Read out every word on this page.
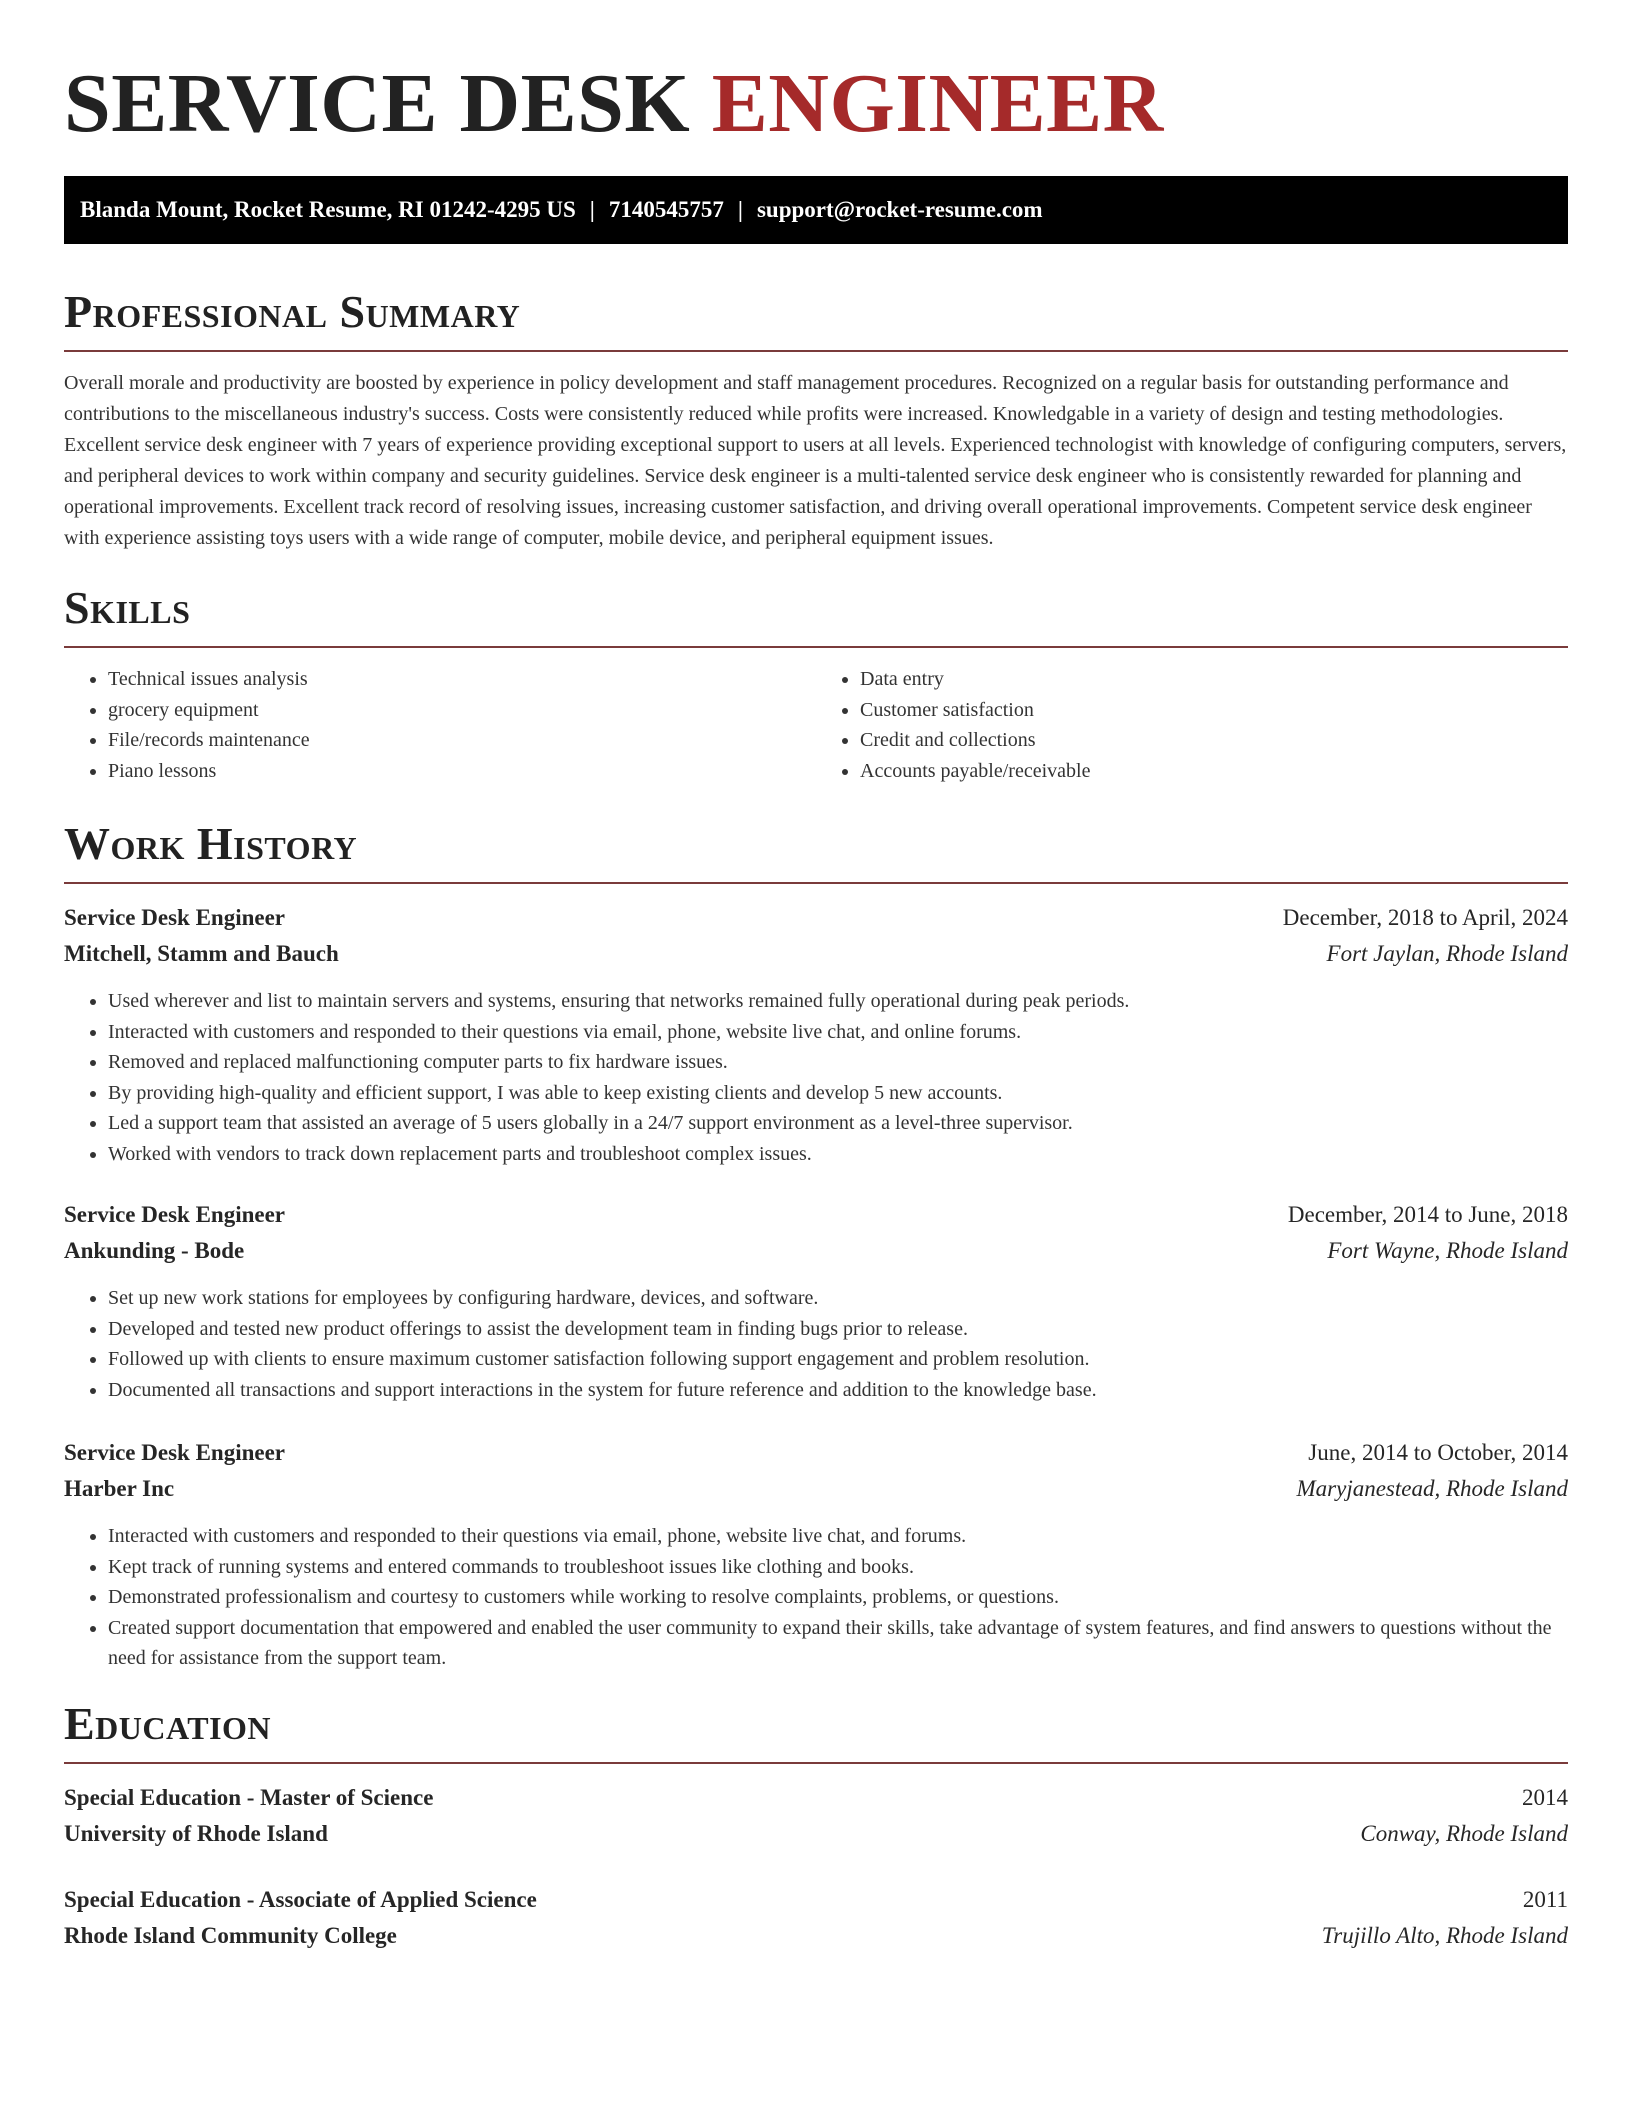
SERVICE DESK ENGINEER
Blanda Mount, Rocket Resume, RI 01242-4295 US | 7140545757 | support@rocket-resume.com
Professional Summary

Overall morale and productivity are boosted by experience in policy development and staff management procedures. Recognized on a regular basis for outstanding performance and contributions to the miscellaneous industry's success. Costs were consistently reduced while profits were increased. Knowledgable in a variety of design and testing methodologies. Excellent service desk engineer with 7 years of experience providing exceptional support to users at all levels. Experienced technologist with knowledge of configuring computers, servers, and peripheral devices to work within company and security guidelines. Service desk engineer is a multi-talented service desk engineer who is consistently rewarded for planning and operational improvements. Excellent track record of resolving issues, increasing customer satisfaction, and driving overall operational improvements. Competent service desk engineer with experience assisting toys users with a wide range of computer, mobile device, and peripheral equipment issues.

Skills
• Technical issues analysis
• grocery equipment
• File/records maintenance
• Piano lessons
• Data entry
• Customer satisfaction
• Credit and collections
• Accounts payable/receivable
Work History
Service Desk Engineer	December, 2018 to April, 2024
Mitchell, Stamm and Bauch	Fort Jaylan, Rhode Island
• Used wherever and list to maintain servers and systems, ensuring that networks remained fully operational during peak periods.
• Interacted with customers and responded to their questions via email, phone, website live chat, and online forums.
• Removed and replaced malfunctioning computer parts to fix hardware issues.
• By providing high-quality and efficient support, I was able to keep existing clients and develop 5 new accounts.
• Led a support team that assisted an average of 5 users globally in a 24/7 support environment as a level-three supervisor.
• Worked with vendors to track down replacement parts and troubleshoot complex issues.
Service Desk Engineer	December, 2014 to June, 2018
Ankunding - Bode	Fort Wayne, Rhode Island
• Set up new work stations for employees by configuring hardware, devices, and software.
• Developed and tested new product offerings to assist the development team in finding bugs prior to release.
• Followed up with clients to ensure maximum customer satisfaction following support engagement and problem resolution.
• Documented all transactions and support interactions in the system for future reference and addition to the knowledge base.
Service Desk Engineer	June, 2014 to October, 2014
Harber Inc	Maryjanestead, Rhode Island
• Interacted with customers and responded to their questions via email, phone, website live chat, and forums.
• Kept track of running systems and entered commands to troubleshoot issues like clothing and books.
• Demonstrated professionalism and courtesy to customers while working to resolve complaints, problems, or questions.
• Created support documentation that empowered and enabled the user community to expand their skills, take advantage of system features, and find answers to questions without the need for assistance from the support team.
Education
Special Education - Master of Science	2014
University of Rhode Island	Conway, Rhode Island
Special Education - Associate of Applied Science	2011
Rhode Island Community College	Trujillo Alto, Rhode Island
